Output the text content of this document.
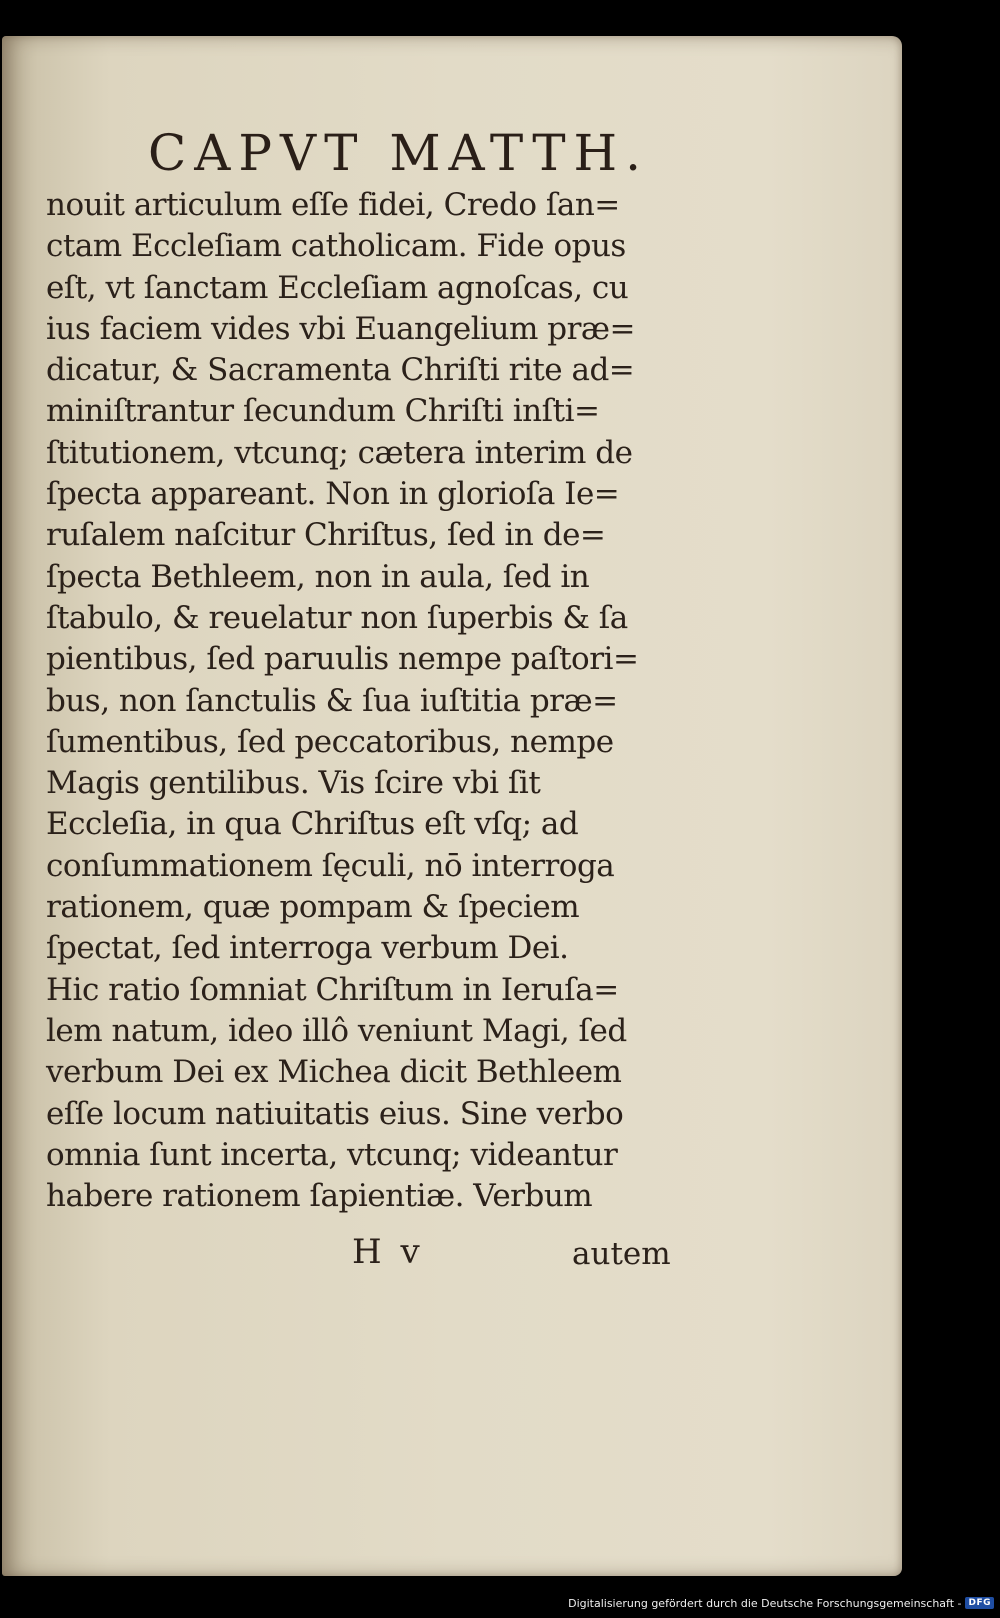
CAPVT MATTH.
nouit articulum eſſe fidei, Credo ſan=
ctam Eccleſiam catholicam. Fide opus
eſt, vt ſanctam Eccleſiam agnoſcas, cu
ius faciem vides vbi Euangelium præ=
dicatur, & Sacramenta Chriſti rite ad=
miniſtrantur ſecundum Chriſti inſti=
ſtitutionem, vtcunq; cætera interim de
ſpecta appareant. Non in glorioſa Ie=
ruſalem naſcitur Chriſtus, ſed in de=
ſpecta Bethleem, non in aula, ſed in
ſtabulo, & reuelatur non ſuperbis & ſa
pientibus, ſed paruulis nempe paſtori=
bus, non ſanctulis & ſua iuſtitia præ=
ſumentibus, ſed peccatoribus, nempe
Magis gentilibus. Vis ſcire vbi ſit
Eccleſia, in qua Chriſtus eſt vſq; ad
conſummationem ſęculi, nō interroga
rationem, quæ pompam & ſpeciem
ſpectat, ſed interroga verbum Dei.
Hic ratio ſomniat Chriſtum in Ieruſa=
lem natum, ideo illô veniunt Magi, ſed
verbum Dei ex Michea dicit Bethleem
eſſe locum natiuitatis eius. Sine verbo
omnia ſunt incerta, vtcunq; videantur
habere rationem ſapientiæ. Verbum
H v	autem
Digitalisierung gefördert durch die Deutsche Forschungsgemeinschaft - DFG
